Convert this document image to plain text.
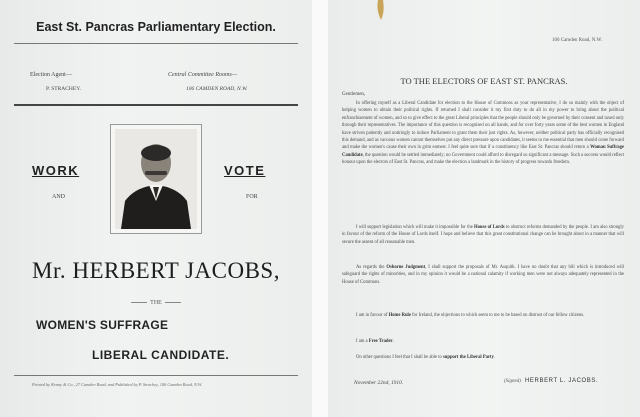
East St. Pancras Parliamentary Election.
Election Agent—
P. STRACHEY.
Central Committee Rooms—
106 CAMDEN ROAD, N.W.
WORK
AND
VOTE
FOR
Mr. HERBERT JACOBS,
THE
WOMEN'S SUFFRAGE
LIBERAL CANDIDATE.
Printed by Kenny & Co., 27 Camden Road, and Published by P. Strachey, 106 Camden Road, N.W.
106 Camden Road, N.W.
TO THE ELECTORS OF EAST ST. PANCRAS.
Gentlemen,

In offering myself as a Liberal Candidate for election to the House of Commons as your representative, I do so mainly with the object of helping women to obtain their political rights. If returned I shall consider it my first duty to do all in my power to bring about the political enfranchisement of women, and so to give effect to the great Liberal principles that the people should only be governed by their consent and taxed only through their representatives. The importance of this question is recognised on all hands, and for over forty years some of the best women in England have striven patiently and untiringly to induce Parliament to grant them their just rights. As, however, neither political party has officially recognised this demand, and as vacuous women cannot themselves put any direct pressure upon candidates, it seems to me essential that men should come forward and make the women's cause their own in grim earnest. I feel quite sure that if a constituency like East St. Pancras should return a Woman Suffrage Candidate, the question would be settled immediately; no Government could afford to disregard so significant a message. Such a success would reflect honour upon the electors of East St. Pancras, and make the election a landmark in the history of progress towards freedom.

I will support legislation which will make it impossible for the House of Lords to obstruct reforms demanded by the people. I am also strongly in favour of the reform of the House of Lords itself. I hope and believe that this great constitutional change can be brought about in a manner that will secure the assent of all reasonable men.

As regards the Osborne Judgment, I shall support the proposals of Mr. Asquith. I have no doubt that any bill which is introduced will safeguard the rights of minorities, and in my opinion it would be a national calamity if working men were not always adequately represented in the House of Commons.

I am in favour of Home Rule for Ireland, the objections to which seem to me to be based on distrust of our fellow citizens.

I am a Free Trader.

On other questions I feel that I shall be able to support the Liberal Party.

November 22nd, 1910.	(Signed) HERBERT L. JACOBS.
